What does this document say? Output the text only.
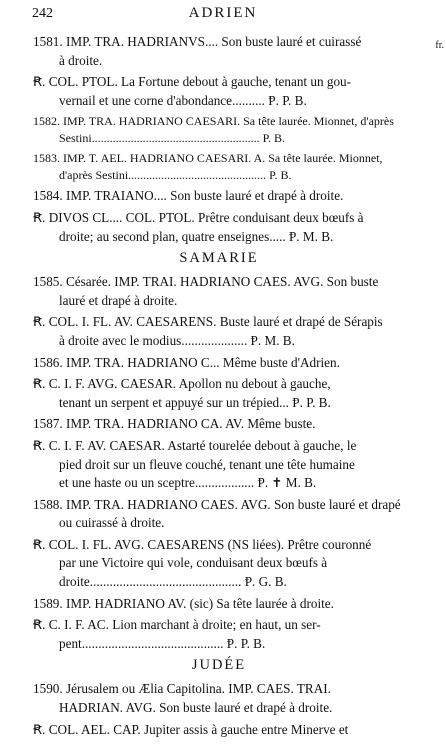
242	ADRIEN
fr.
1581. IMP. TRA. HADRIANVS.... Son buste lauré et cuirassé
à droite.
Ꞧ. COL. PTOL. La Fortune debout à gauche, tenant un gou-
vernail et une corne d'abondance.......... Ᵽ. P. B.
1582. IMP. TRA. HADRIANO CAESARI. Sa tête laurée. Mionnet, d'après
Sestini........................................................ P. B.
1583. IMP. T. AEL. HADRIANO CAESARI. A. Sa tête laurée. Mionnet,
d'après Sestini.............................................. P. B.
1584. IMP. TRAIANO.... Son buste lauré et drapé à droite.
Ꞧ. DIVOS CL.... COL. PTOL. Prêtre conduisant deux bœufs à
droite; au second plan, quatre enseignes..... Ᵽ. M. B.
SAMARIE
1585. Césarée. IMP. TRAI. HADRIANO CAES. AVG. Son buste
lauré et drapé à droite.
Ꞧ. COL. I. FL. AV. CAESARENS. Buste lauré et drapé de Sérapis
à droite avec le modius.................... Ᵽ. M. B.
1586. IMP. TRA. HADRIANO C... Même buste d'Adrien.
Ꞧ. C. I. F. AVG. CAESAR. Apollon nu debout à gauche,
tenant un serpent et appuyé sur un trépied... Ᵽ. P. B.
1587. IMP. TRA. HADRIANO CA. AV. Même buste.
Ꞧ. C. I. F. AV. CAESAR. Astarté tourelée debout à gauche, le
pied droit sur un fleuve couché, tenant une tête humaine
et une haste ou un sceptre.................. Ᵽ. ✝ M. B.
1588. IMP. TRA. HADRIANO CAES. AVG. Son buste lauré et drapé
ou cuirassé à droite.
Ꞧ. COL. I. FL. AVG. CAESARENS (NS liées). Prêtre couronné
par une Victoire qui vole, conduisant deux bœufs à
droite.............................................. Ᵽ. G. B.
1589. IMP. HADRIANO AV. (sic) Sa tête laurée à droite.
Ꞧ. C. I. F. AC. Lion marchant à droite; en haut, un ser-
pent........................................... Ᵽ. P. B.
JUDÉE
1590. Jérusalem ou Ælia Capitolina. IMP. CAES. TRAI.
HADRIAN. AVG. Son buste lauré et drapé à droite.
Ꞧ. COL. AEL. CAP. Jupiter assis à gauche entre Minerve et
